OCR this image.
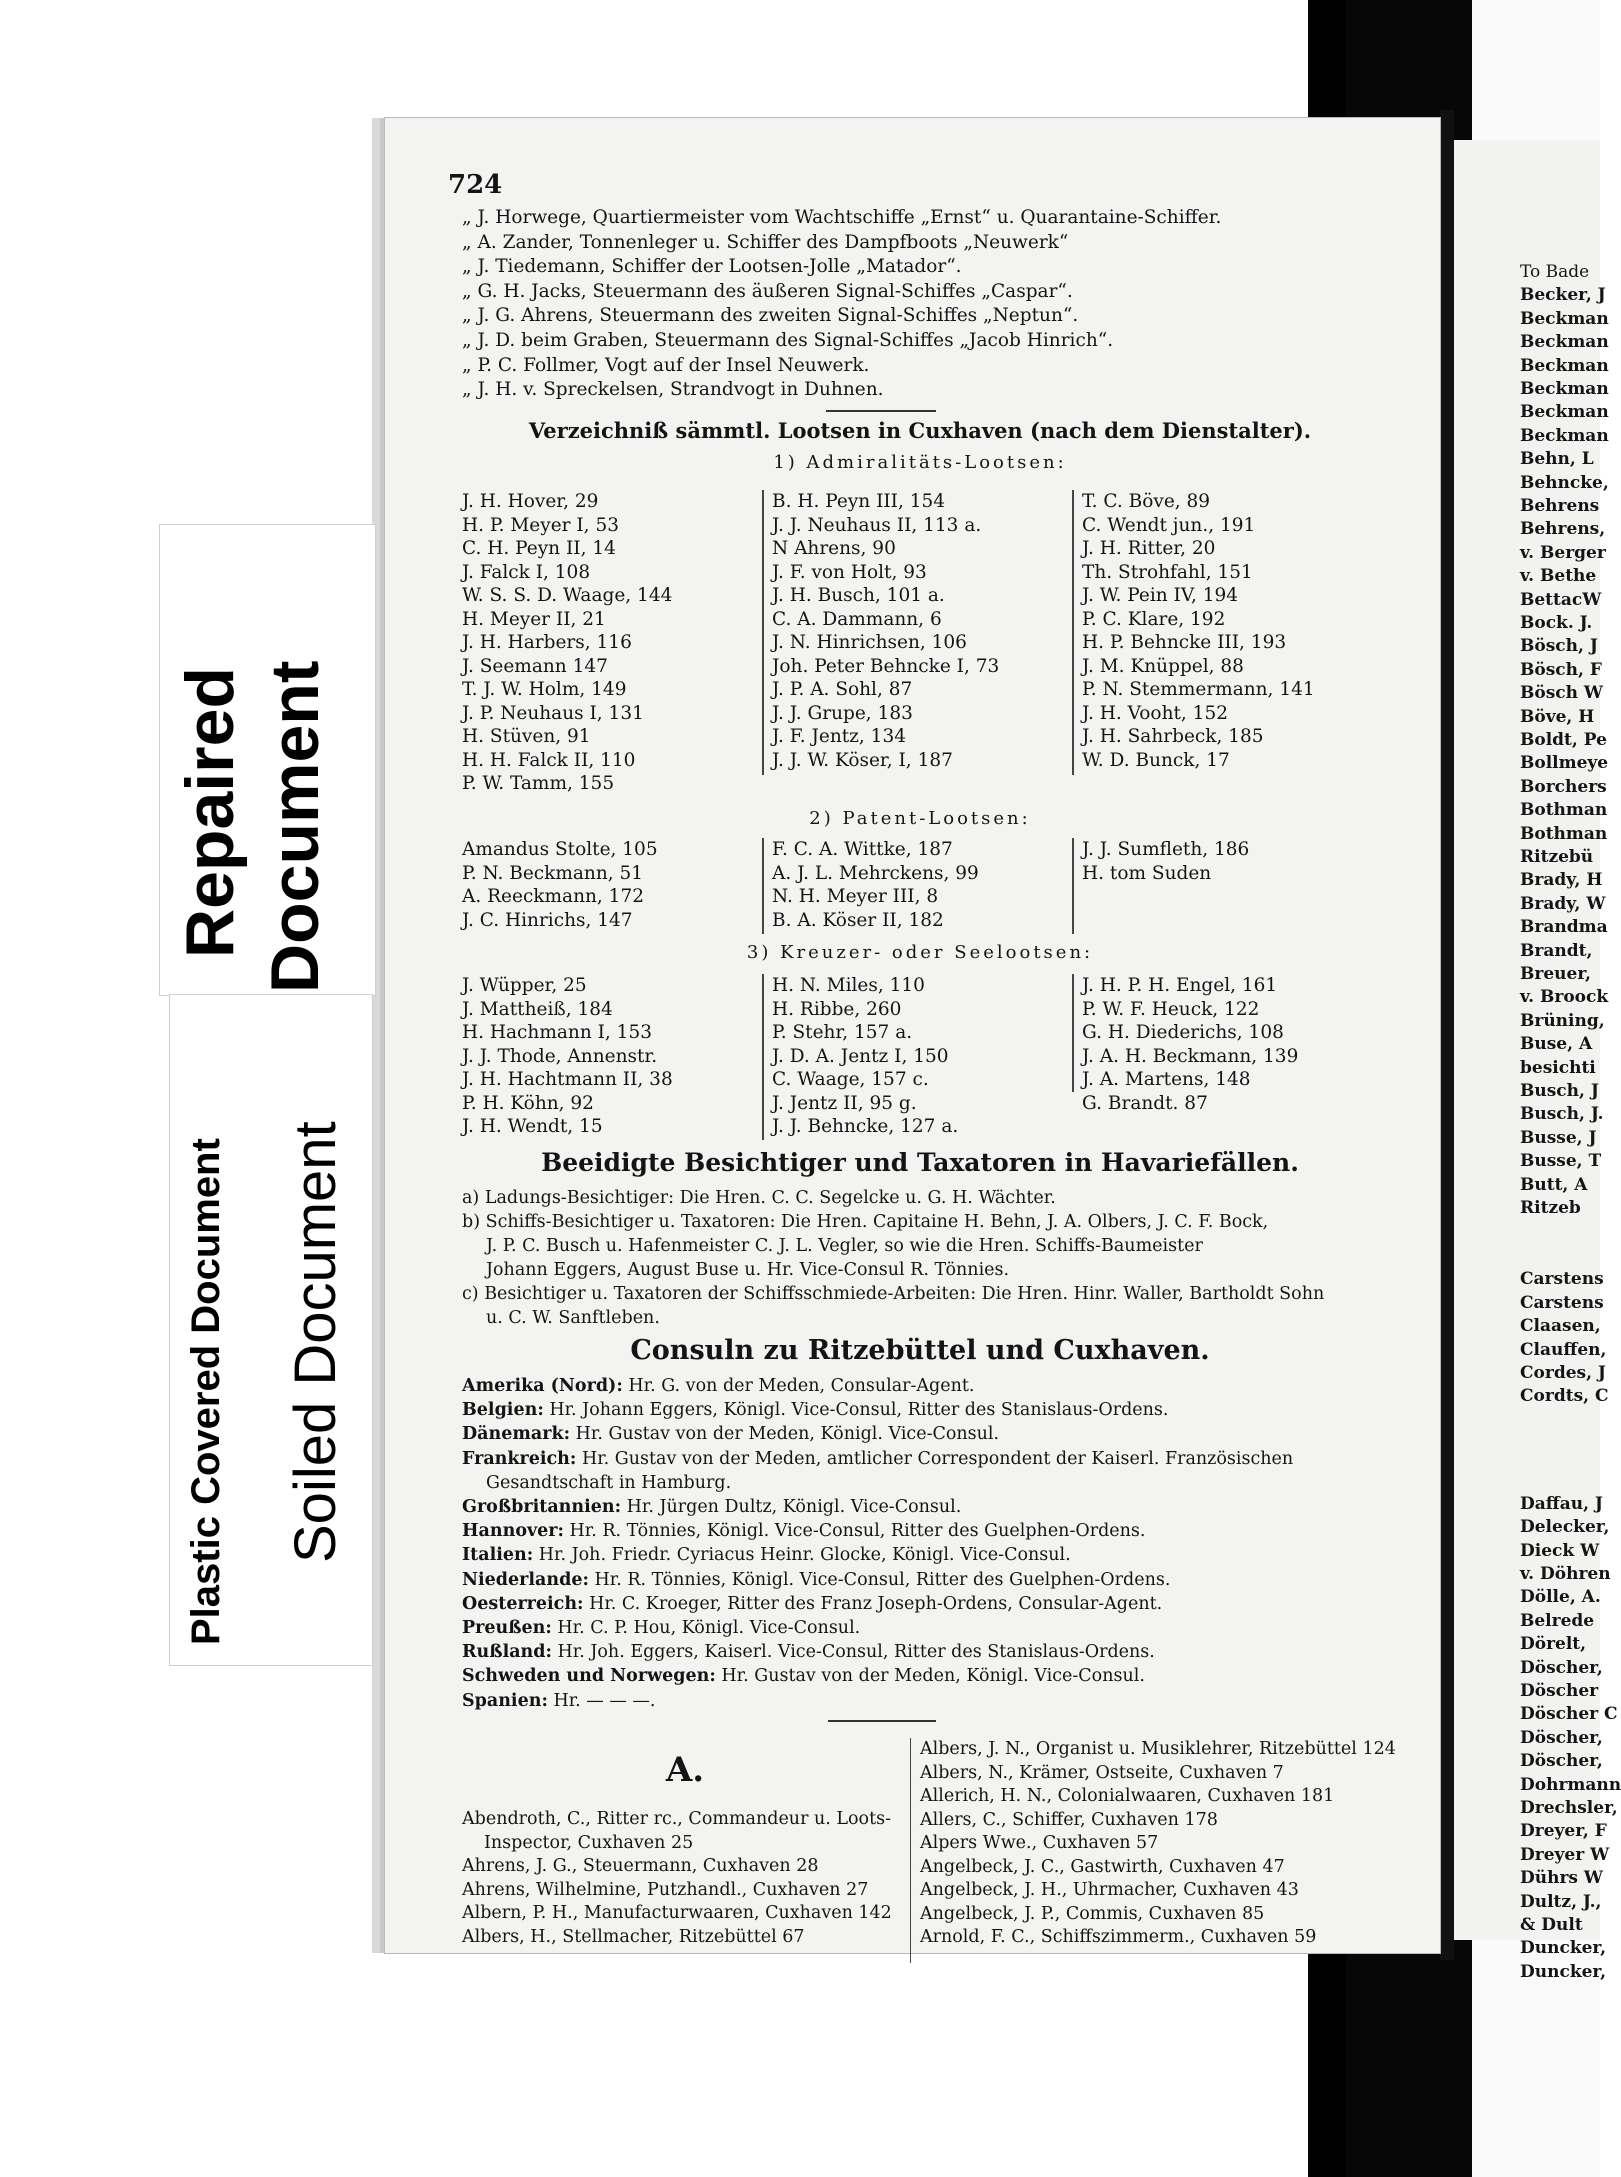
To Bade
Becker, J
Beckman
Beckman
Beckman
Beckman
Beckman
Beckman
Behn, L
Behncke,
Behrens
Behrens,
v. Berger
v. Bethe
BettacW
Bock. J.
Bösch, J
Bösch, F
Bösch W
Böve, H
Boldt, Pe
Bollmeye
Borchers
Bothman
Bothman
Ritzebü
Brady, H
Brady, W
Brandma
Brandt,
Breuer,
v. Broock
Brüning,
Buse, A
besichti
Busch, J
Busch, J.
Busse, J
Busse, T
Butt, A
Ritzeb
Carstens
Carstens
Claasen,
Clauffen,
Cordes, J
Cordts, C
Daffau, J
Delecker,
Dieck W
v. Döhren
Dölle, A.
Belrede
Dörelt,
Döscher,
Döscher
Döscher C
Döscher,
Döscher,
Dohrmann
Drechsler,
Dreyer, F
Dreyer W
Dührs W
Dultz, J.,
& Dult
Duncker,
Duncker,
Repaired Document
Soiled Document
Plastic Covered Document
724
„ J. Horwege, Quartiermeister vom Wachtschiffe „Ernst“ u. Quarantaine-Schiffer.
„ A. Zander, Tonnenleger u. Schiffer des Dampfboots „Neuwerk“
„ J. Tiedemann, Schiffer der Lootsen-Jolle „Matador“.
„ G. H. Jacks, Steuermann des äußeren Signal-Schiffes „Caspar“.
„ J. G. Ahrens, Steuermann des zweiten Signal-Schiffes „Neptun“.
„ J. D. beim Graben, Steuermann des Signal-Schiffes „Jacob Hinrich“.
„ P. C. Follmer, Vogt auf der Insel Neuwerk.
„ J. H. v. Spreckelsen, Strandvogt in Duhnen.
Verzeichniß sämmtl. Lootsen in Cuxhaven (nach dem Dienstalter).
1) Admiralitäts-Lootsen:
J. H. Hover, 29
H. P. Meyer I, 53
C. H. Peyn II, 14
J. Falck I, 108
W. S. S. D. Waage, 144
H. Meyer II, 21
J. H. Harbers, 116
J. Seemann 147
T. J. W. Holm, 149
J. P. Neuhaus I, 131
H. Stüven, 91
H. H. Falck II, 110
P. W. Tamm, 155
B. H. Peyn III, 154
J. J. Neuhaus II, 113 a.
N Ahrens, 90
J. F. von Holt, 93
J. H. Busch, 101 a.
C. A. Dammann, 6
J. N. Hinrichsen, 106
Joh. Peter Behncke I, 73
J. P. A. Sohl, 87
J. J. Grupe, 183
J. F. Jentz, 134
J. J. W. Köser, I, 187
T. C. Böve, 89
C. Wendt jun., 191
J. H. Ritter, 20
Th. Strohfahl, 151
J. W. Pein IV, 194
P. C. Klare, 192
H. P. Behncke III, 193
J. M. Knüppel, 88
P. N. Stemmermann, 141
J. H. Vooht, 152
J. H. Sahrbeck, 185
W. D. Bunck, 17
2) Patent-Lootsen:
Amandus Stolte, 105
P. N. Beckmann, 51
A. Reeckmann, 172
J. C. Hinrichs, 147
F. C. A. Wittke, 187
A. J. L. Mehrckens, 99
N. H. Meyer III, 8
B. A. Köser II, 182
J. J. Sumfleth, 186
H. tom Suden
3) Kreuzer- oder Seelootsen:
J. Wüpper, 25
J. Mattheiß, 184
H. Hachmann I, 153
J. J. Thode, Annenstr.
J. H. Hachtmann II, 38
P. H. Köhn, 92
J. H. Wendt, 15
H. N. Miles, 110
H. Ribbe, 260
P. Stehr, 157 a.
J. D. A. Jentz I, 150
C. Waage, 157 c.
J. Jentz II, 95 g.
J. J. Behncke, 127 a.
J. H. P. H. Engel, 161
P. W. F. Heuck, 122
G. H. Diederichs, 108
J. A. H. Beckmann, 139
J. A. Martens, 148
G. Brandt. 87
Beeidigte Besichtiger und Taxatoren in Havariefällen.
a) Ladungs-Besichtiger: Die Hren. C. C. Segelcke u. G. H. Wächter.
b) Schiffs-Besichtiger u. Taxatoren: Die Hren. Capitaine H. Behn, J. A. Olbers, J. C. F. Bock,
J. P. C. Busch u. Hafenmeister C. J. L. Vegler, so wie die Hren. Schiffs-Baumeister
Johann Eggers, August Buse u. Hr. Vice-Consul R. Tönnies.
c) Besichtiger u. Taxatoren der Schiffsschmiede-Arbeiten: Die Hren. Hinr. Waller, Bartholdt Sohn
u. C. W. Sanftleben.
Consuln zu Ritzebüttel und Cuxhaven.
Amerika (Nord): Hr. G. von der Meden, Consular-Agent.
Belgien: Hr. Johann Eggers, Königl. Vice-Consul, Ritter des Stanislaus-Ordens.
Dänemark: Hr. Gustav von der Meden, Königl. Vice-Consul.
Frankreich: Hr. Gustav von der Meden, amtlicher Correspondent der Kaiserl. Französischen
Gesandtschaft in Hamburg.
Großbritannien: Hr. Jürgen Dultz, Königl. Vice-Consul.
Hannover: Hr. R. Tönnies, Königl. Vice-Consul, Ritter des Guelphen-Ordens.
Italien: Hr. Joh. Friedr. Cyriacus Heinr. Glocke, Königl. Vice-Consul.
Niederlande: Hr. R. Tönnies, Königl. Vice-Consul, Ritter des Guelphen-Ordens.
Oesterreich: Hr. C. Kroeger, Ritter des Franz Joseph-Ordens, Consular-Agent.
Preußen: Hr. C. P. Hou, Königl. Vice-Consul.
Rußland: Hr. Joh. Eggers, Kaiserl. Vice-Consul, Ritter des Stanislaus-Ordens.
Schweden und Norwegen: Hr. Gustav von der Meden, Königl. Vice-Consul.
Spanien: Hr. — — —.
A.
Abendroth, C., Ritter rc., Commandeur u. Loots-
Inspector, Cuxhaven 25
Ahrens, J. G., Steuermann, Cuxhaven 28
Ahrens, Wilhelmine, Putzhandl., Cuxhaven 27
Albern, P. H., Manufacturwaaren, Cuxhaven 142
Albers, H., Stellmacher, Ritzebüttel 67
Albers, J. N., Organist u. Musiklehrer, Ritzebüttel 124
Albers, N., Krämer, Ostseite, Cuxhaven 7
Allerich, H. N., Colonialwaaren, Cuxhaven 181
Allers, C., Schiffer, Cuxhaven 178
Alpers Wwe., Cuxhaven 57
Angelbeck, J. C., Gastwirth, Cuxhaven 47
Angelbeck, J. H., Uhrmacher, Cuxhaven 43
Angelbeck, J. P., Commis, Cuxhaven 85
Arnold, F. C., Schiffszimmerm., Cuxhaven 59
